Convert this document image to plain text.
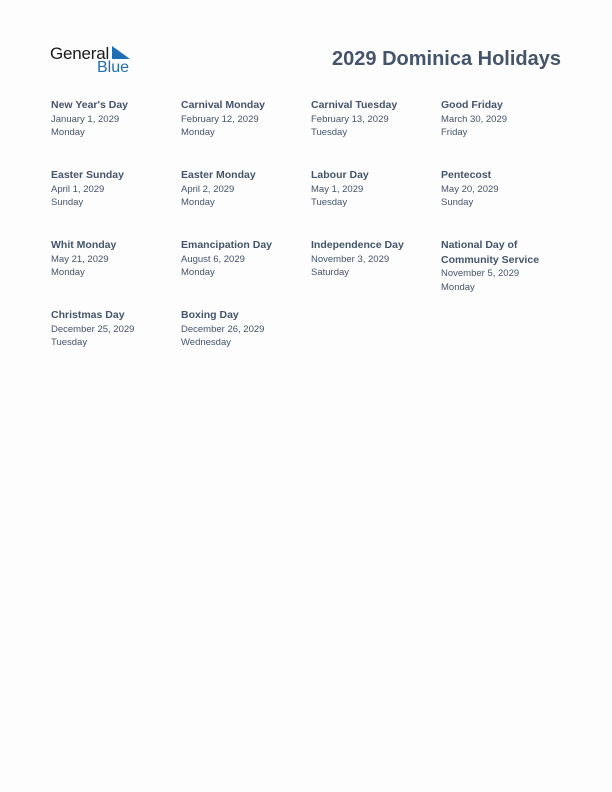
General
Blue	2029 Dominica Holidays
New Year's Day
January 1, 2029
Monday
Carnival Monday
February 12, 2029
Monday
Carnival Tuesday
February 13, 2029
Tuesday
Good Friday
March 30, 2029
Friday
Easter Sunday
April 1, 2029
Sunday
Easter Monday
April 2, 2029
Monday
Labour Day
May 1, 2029
Tuesday
Pentecost
May 20, 2029
Sunday
Whit Monday
May 21, 2029
Monday
Emancipation Day
August 6, 2029
Monday
Independence Day
November 3, 2029
Saturday
National Day of Community Service
November 5, 2029
Monday
Christmas Day
December 25, 2029
Tuesday
Boxing Day
December 26, 2029
Wednesday
